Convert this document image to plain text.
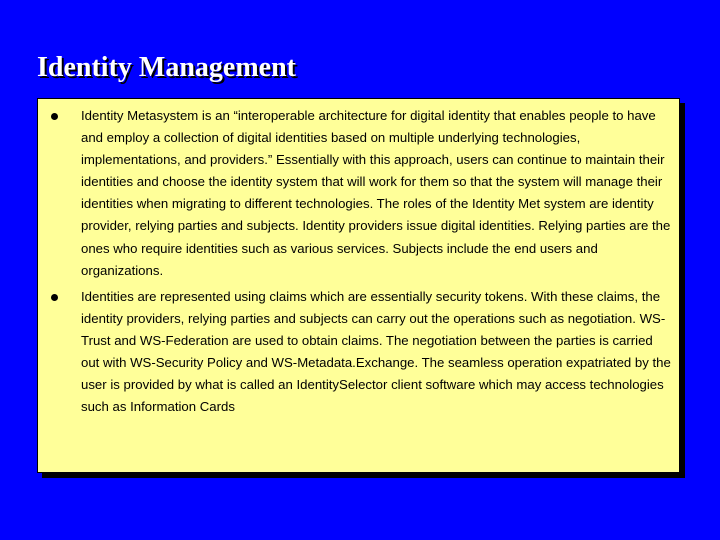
Identity Management
Identity Metasystem is an “interoperable architecture for digital identity that enables people to have and employ a collection of digital identities based on multiple underlying technologies, implementations, and providers.” Essentially with this approach, users can continue to maintain their identities and choose the identity system that will work for them so that the system will manage their identities when migrating to different technologies. The roles of the Identity Met system are identity provider, relying parties and subjects. Identity providers issue digital identities. Relying parties are the ones who require identities such as various services. Subjects include the end users and organizations.
Identities are represented using claims which are essentially security tokens. With these claims, the identity providers, relying parties and subjects can carry out the operations such as negotiation. WS-Trust and WS-Federation are used to obtain claims. The negotiation between the parties is carried out with WS-Security Policy and WS-Metadata.Exchange. The seamless operation expatriated by the user is provided by what is called an IdentitySelector client software which may access technologies such as Information Cards
